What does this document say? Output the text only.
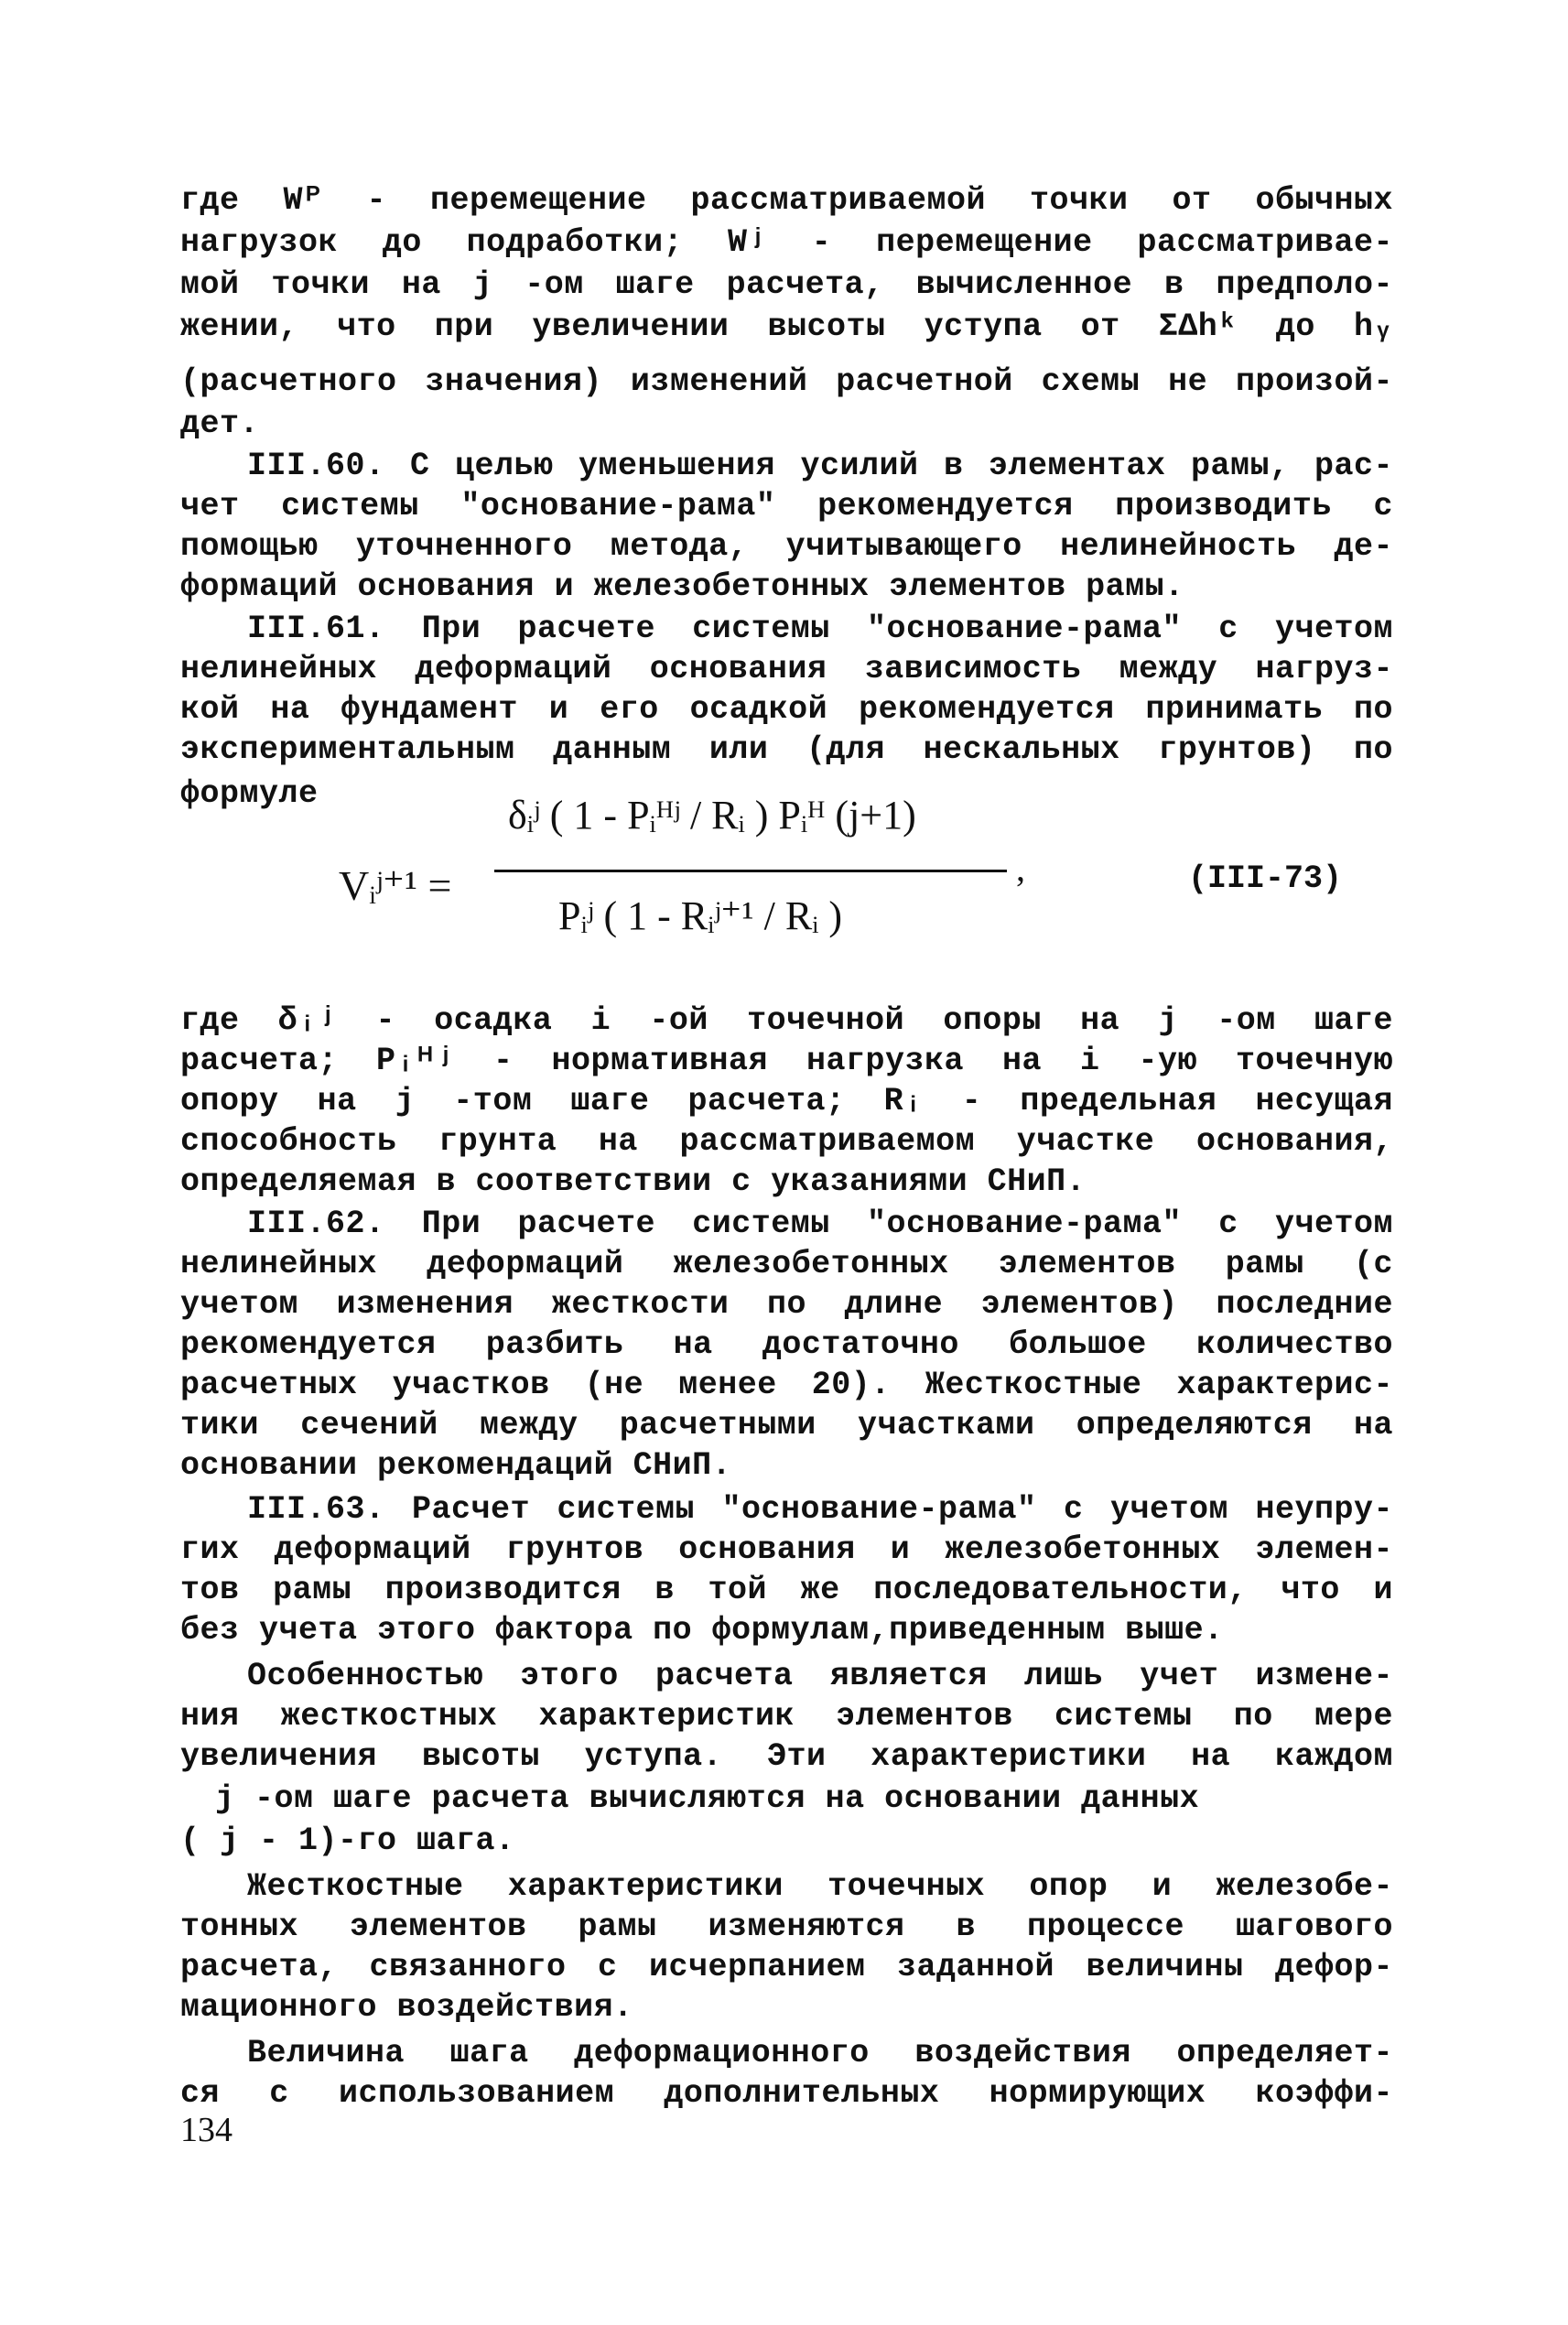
где Wᴾ - перемещение рассматриваемой точки от обычных
нагрузок до подработки; Wʲ - перемещение рассматривае-
мой точки на j -ом шаге расчета, вычисленное в предполо-
жении, что при увеличении высоты уступа от ΣΔhᵏ до hᵧ
(расчетного значения) изменений расчетной схемы не произой-
дет.
III.60. С целью уменьшения усилий в элементах рамы, рас-
чет системы "основание-рама" рекомендуется производить с
помощью уточненного метода, учитывающего нелинейность де-
формаций основания и железобетонных элементов рамы.
III.61. При расчете системы "основание-рама" с учетом
нелинейных деформаций основания зависимость между нагруз-
кой на фундамент и его осадкой рекомендуется принимать по
экспериментальным данным или (для нескальных грунтов) по
формуле
Vᵢʲ⁺¹ =
δᵢʲ ( 1 - Pᵢᴴʲ / Rᵢ ) Pᵢᴴ (j+1)
Pᵢʲ ( 1 - Rᵢʲ⁺¹ / Rᵢ )
,	(III-73)
где δᵢʲ - осадка i -ой точечной опоры на j -ом шаге
расчета; Pᵢᴴʲ - нормативная нагрузка на i -ую точечную
опору на j -том шаге расчета; Rᵢ - предельная несущая
способность грунта на рассматриваемом участке основания,
определяемая в соответствии с указаниями СНиП.
III.62. При расчете системы "основание-рама" с учетом
нелинейных деформаций железобетонных элементов рамы (с
учетом изменения жесткости по длине элементов) последние
рекомендуется разбить на достаточно большое количество
расчетных участков (не менее 20). Жесткостные характерис-
тики сечений между расчетными участками определяются на
основании рекомендаций СНиП.
III.63. Расчет системы "основание-рама" с учетом неупру-
гих деформаций грунтов основания и железобетонных элемен-
тов рамы производится в той же последовательности, что и
без учета этого фактора по формулам,приведенным выше.
Особенностью этого расчета является лишь учет измене-
ния жесткостных характеристик элементов системы по мере
увеличения высоты уступа. Эти характеристики на каждом
j -ом шаге расчета вычисляются на основании данных
( j - 1)-го шага.
Жесткостные характеристики точечных опор и железобе-
тонных элементов рамы изменяются в процессе шагового
расчета, связанного с исчерпанием заданной величины дефор-
мационного воздействия.
Величина шага деформационного воздействия определяет-
ся с использованием дополнительных нормирующих коэффи-
134
